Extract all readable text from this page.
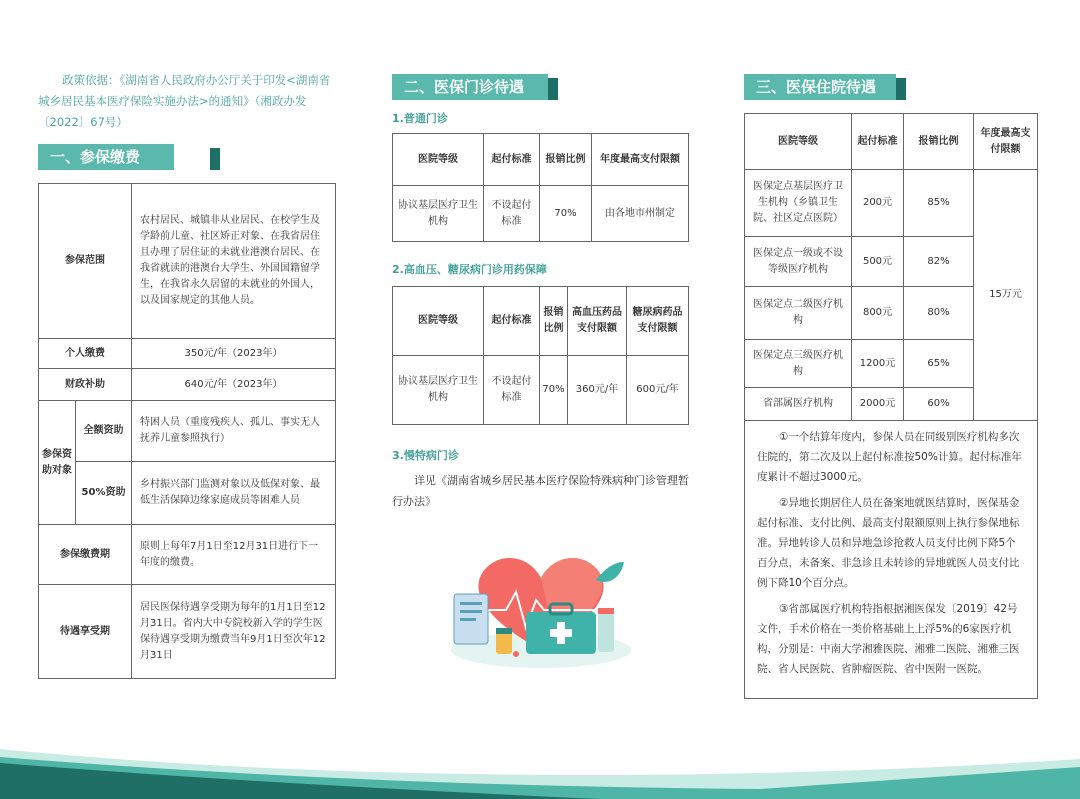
政策依据：《湖南省人民政府办公厅关于印发<湖南省城乡居民基本医疗保险实施办法>的通知》（湘政办发〔2022〕67号）
一、参保缴费
参保范围		农村居民、城镇非从业居民、在校学生及学龄前儿童、社区矫正对象、在我省居住且办理了居住证的未就业港澳台居民、在我省就读的港澳台大学生、外国国籍留学生，在我省永久居留的未就业的外国人，以及国家规定的其他人员。
个人缴费		350元/年（2023年）
财政补助		640元/年（2023年）
参保资助对象	全额资助	特困人员（重度残疾人、孤儿、事实无人抚养儿童参照执行）
	50%资助	乡村振兴部门监测对象以及低保对象、最低生活保障边缘家庭成员等困难人员
参保缴费期		原则上每年7月1日至12月31日进行下一年度的缴费。
待遇享受期		居民医保待遇享受期为每年的1月1日至12月31日。省内大中专院校新入学的学生医保待遇享受期为缴费当年9月1日至次年12月31日
二、医保门诊待遇
1.普通门诊
医院等级	起付标准	报销比例	年度最高支付限额
协议基层医疗卫生机构	不设起付标准	70%	由各地市州制定
2.高血压、糖尿病门诊用药保障
医院等级	起付标准	报销比例	高血压药品支付限额	糖尿病药品支付限额
协议基层医疗卫生机构	不设起付标准	70%	360元/年	600元/年
3.慢特病门诊
详见《湖南省城乡居民基本医疗保险特殊病种门诊管理暂行办法》
三、医保住院待遇
医院等级	起付标准	报销比例	年度最高支付限额
医保定点基层医疗卫生机构（乡镇卫生院、社区定点医院）	200元	85%	15万元
医保定点一级或不设等级医疗机构	500元	82%	
医保定点二级医疗机构	800元	80%	
医保定点三级医疗机构	1200元	65%	
省部属医疗机构	2000元	60%	

①一个结算年度内，参保人员在同级别医疗机构多次住院的，第二次及以上起付标准按50%计算。起付标准年度累计不超过3000元。

②异地长期居住人员在备案地就医结算时，医保基金起付标准、支付比例、最高支付限额原则上执行参保地标准。异地转诊人员和异地急诊抢救人员支付比例下降5个百分点，未备案、非急诊且未转诊的异地就医人员支付比例下降10个百分点。

③省部属医疗机构特指根据湘医保发〔2019〕42号文件，手术价格在一类价格基础上上浮5%的6家医疗机构，分别是：中南大学湘雅医院、湘雅二医院、湘雅三医院、省人民医院、省肿瘤医院、省中医附一医院。
